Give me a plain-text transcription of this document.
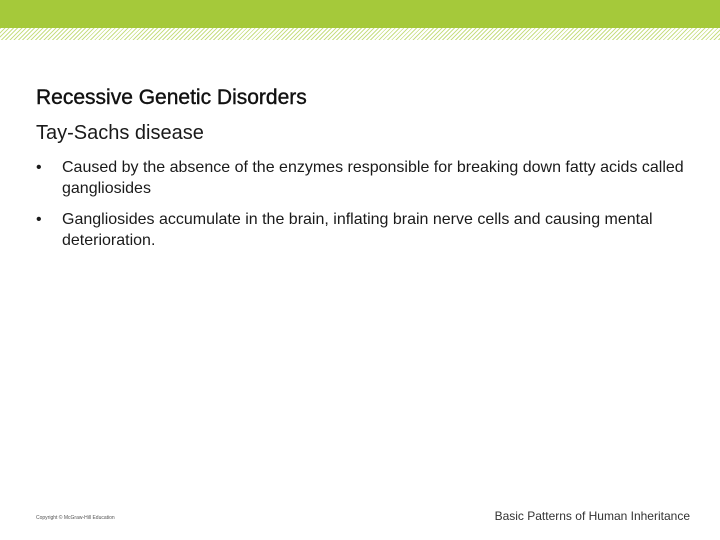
Recessive Genetic Disorders
Tay-Sachs disease
•	Caused by the absence of the enzymes responsible for breaking down fatty acids called gangliosides
•	Gangliosides accumulate in the brain, inflating brain nerve cells and causing mental deterioration.
Copyright © McGraw-Hill Education	Basic Patterns of Human Inheritance
